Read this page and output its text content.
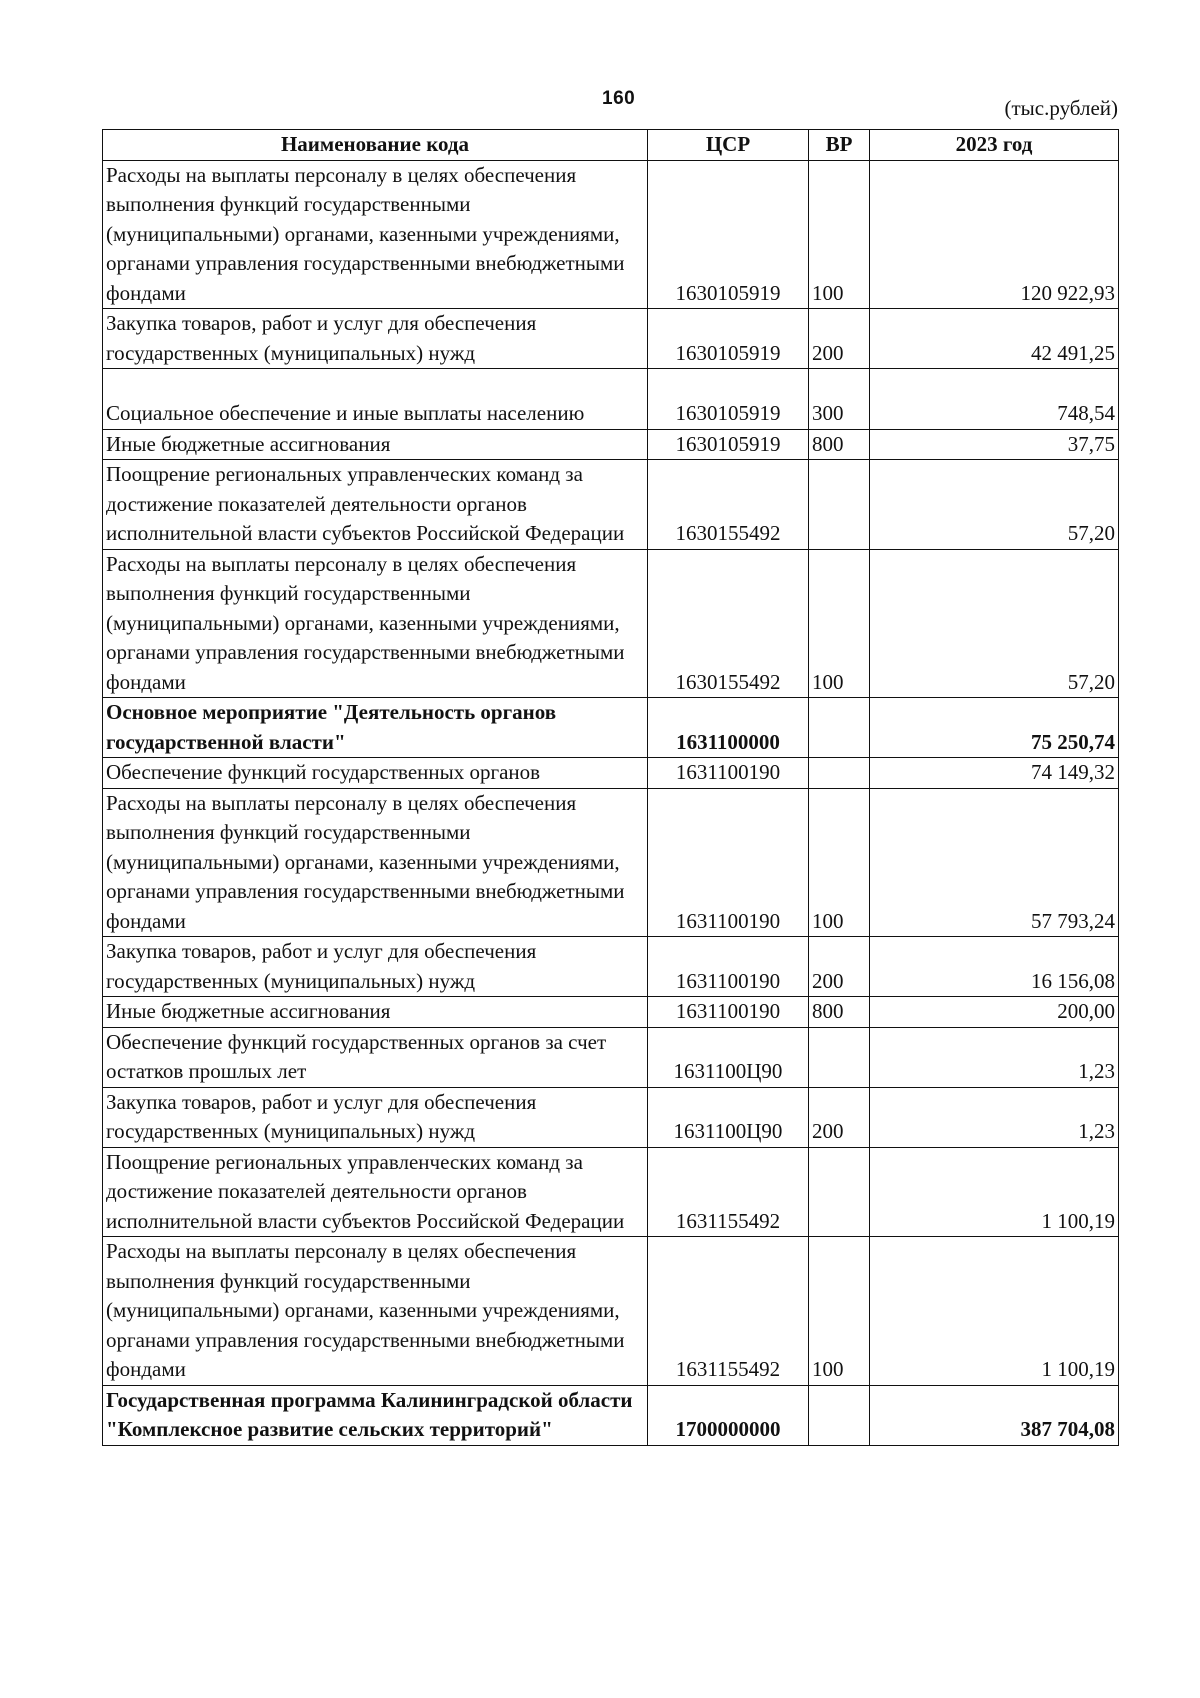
160	(тыс.рублей)
Наименование кода	ЦСР	ВР	2023 год
Расходы на выплаты персоналу в целях обеспечения выполнения функций государственными (муниципальными) органами, казенными учреждениями, органами управления государственными внебюджетными фондами	1630105919	100	120 922,93
Закупка товаров, работ и услуг для обеспечения государственных (муниципальных) нужд	1630105919	200	42 491,25
Социальное обеспечение и иные выплаты населению	1630105919	300	748,54
Иные бюджетные ассигнования	1630105919	800	37,75
Поощрение региональных управленческих команд за достижение показателей деятельности органов исполнительной власти субъектов Российской Федерации	1630155492		57,20
Расходы на выплаты персоналу в целях обеспечения выполнения функций государственными (муниципальными) органами, казенными учреждениями, органами управления государственными внебюджетными фондами	1630155492	100	57,20
Основное мероприятие "Деятельность органов государственной власти"	1631100000		75 250,74
Обеспечение функций государственных органов	1631100190		74 149,32
Расходы на выплаты персоналу в целях обеспечения выполнения функций государственными (муниципальными) органами, казенными учреждениями, органами управления государственными внебюджетными фондами	1631100190	100	57 793,24
Закупка товаров, работ и услуг для обеспечения государственных (муниципальных) нужд	1631100190	200	16 156,08
Иные бюджетные ассигнования	1631100190	800	200,00
Обеспечение функций государственных органов за счет остатков прошлых лет	1631100Ц90		1,23
Закупка товаров, работ и услуг для обеспечения государственных (муниципальных) нужд	1631100Ц90	200	1,23
Поощрение региональных управленческих команд за достижение показателей деятельности органов исполнительной власти субъектов Российской Федерации	1631155492		1 100,19
Расходы на выплаты персоналу в целях обеспечения выполнения функций государственными (муниципальными) органами, казенными учреждениями, органами управления государственными внебюджетными фондами	1631155492	100	1 100,19
Государственная программа Калининградской области "Комплексное развитие сельских территорий"	1700000000		387 704,08
